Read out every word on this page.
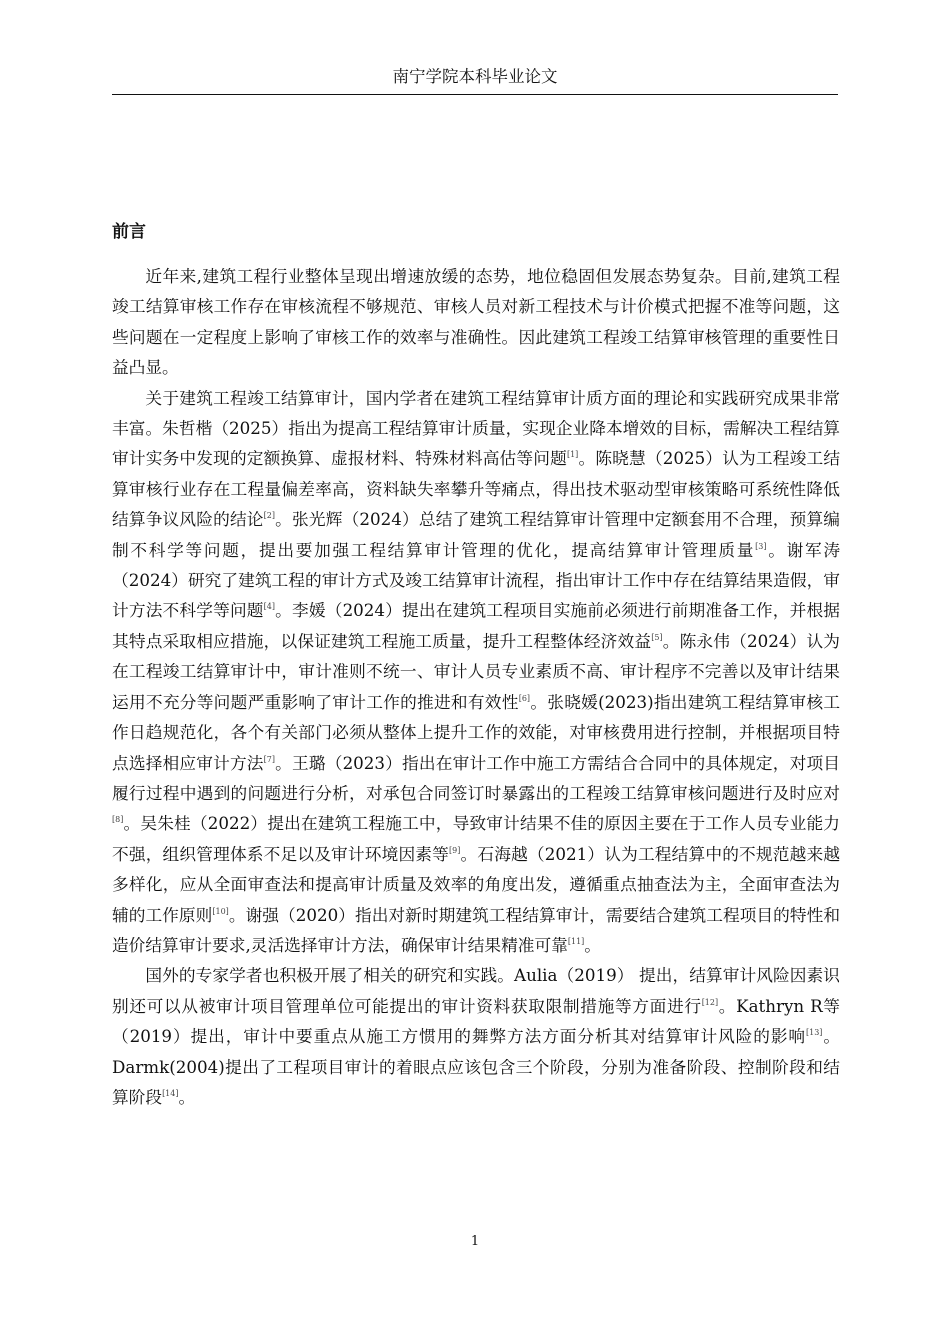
南宁学院本科毕业论文
前言

近年来,建筑工程行业整体呈现出增速放缓的态势，地位稳固但发展态势复杂。目前,建筑工程竣工结算审核工作存在审核流程不够规范、审核人员对新工程技术与计价模式把握不准等问题，这些问题在一定程度上影响了审核工作的效率与准确性。因此建筑工程竣工结算审核管理的重要性日益凸显。

关于建筑工程竣工结算审计，国内学者在建筑工程结算审计质方面的理论和实践研究成果非常丰富。朱哲楷（2025）指出为提高工程结算审计质量，实现企业降本增效的目标，需解决工程结算审计实务中发现的定额换算、虚报材料、特殊材料高估等问题[1]。陈晓慧（2025）认为工程竣工结算审核行业存在工程量偏差率高，资料缺失率攀升等痛点，得出技术驱动型审核策略可系统性降低结算争议风险的结论[2]。张光辉（2024）总结了建筑工程结算审计管理中定额套用不合理，预算编制不科学等问题，提出要加强工程结算审计管理的优化，提高结算审计管理质量[3]。谢军涛（2024）研究了建筑工程的审计方式及竣工结算审计流程，指出审计工作中存在结算结果造假，审计方法不科学等问题[4]。李媛（2024）提出在建筑工程项目实施前必须进行前期准备工作，并根据其特点采取相应措施，以保证建筑工程施工质量，提升工程整体经济效益[5]。陈永伟（2024）认为在工程竣工结算审计中，审计准则不统一、审计人员专业素质不高、审计程序不完善以及审计结果运用不充分等问题严重影响了审计工作的推进和有效性[6]。张晓媛(2023)指出建筑工程结算审核工作日趋规范化，各个有关部门必须从整体上提升工作的效能，对审核费用进行控制，并根据项目特点选择相应审计方法[7]。王璐（2023）指出在审计工作中施工方需结合合同中的具体规定，对项目履行过程中遇到的问题进行分析，对承包合同签订时暴露出的工程竣工结算审核问题进行及时应对[8]。吴朱桂（2022）提出在建筑工程施工中，导致审计结果不佳的原因主要在于工作人员专业能力不强，组织管理体系不足以及审计环境因素等[9]。石海越（2021）认为工程结算中的不规范越来越多样化，应从全面审查法和提高审计质量及效率的角度出发，遵循重点抽查法为主，全面审查法为辅的工作原则[10]。谢强（2020）指出对新时期建筑工程结算审计，需要结合建筑工程项目的特性和造价结算审计要求,灵活选择审计方法，确保审计结果精准可靠[11]。

国外的专家学者也积极开展了相关的研究和实践。Aulia（2019） 提出，结算审计风险因素识别还可以从被审计项目管理单位可能提出的审计资料获取限制措施等方面进行[12]。Kathryn R等（2019）提出，审计中要重点从施工方惯用的舞弊方法方面分析其对结算审计风险的影响[13]。Darmk(2004)提出了工程项目审计的着眼点应该包含三个阶段，分别为准备阶段、控制阶段和结算阶段[14]。

1
